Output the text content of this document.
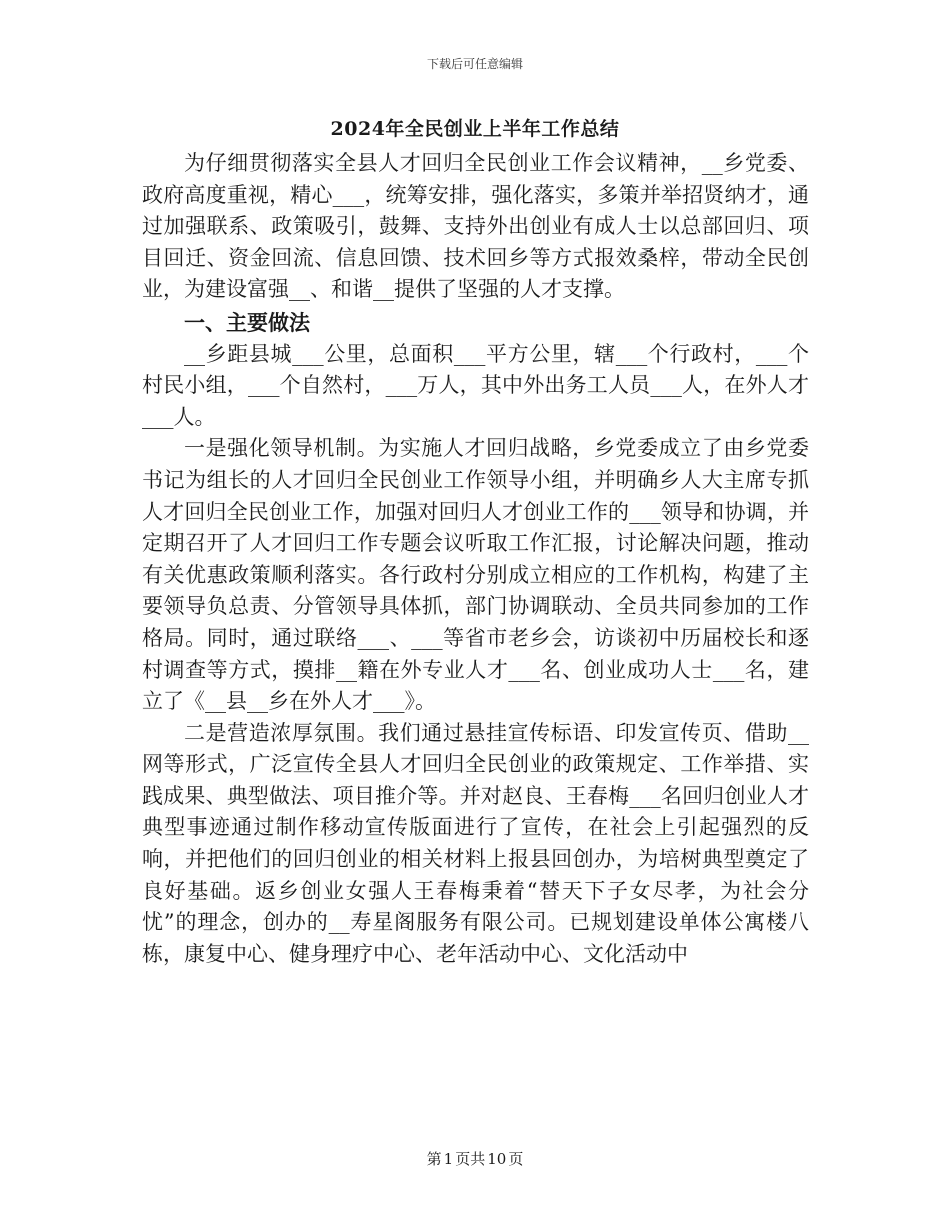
下载后可任意编辑
2024年全民创业上半年工作总结

为仔细贯彻落实全县人才回归全民创业工作会议精神，__乡党委、政府高度重视，精心___，统筹安排，强化落实，多策并举招贤纳才，通过加强联系、政策吸引，鼓舞、支持外出创业有成人士以总部回归、项目回迁、资金回流、信息回馈、技术回乡等方式报效桑梓，带动全民创业，为建设富强__、和谐__提供了坚强的人才支撑。

一、主要做法

__乡距县城___公里，总面积___平方公里，辖___个行政村，___个村民小组，___个自然村，___万人，其中外出务工人员___人，在外人才___人。

一是强化领导机制。为实施人才回归战略，乡党委成立了由乡党委书记为组长的人才回归全民创业工作领导小组，并明确乡人大主席专抓人才回归全民创业工作，加强对回归人才创业工作的___领导和协调，并定期召开了人才回归工作专题会议听取工作汇报，讨论解决问题，推动有关优惠政策顺利落实。各行政村分别成立相应的工作机构，构建了主要领导负总责、分管领导具体抓，部门协调联动、全员共同参加的工作格局。同时，通过联络___、___等省市老乡会，访谈初中历届校长和逐村调查等方式，摸排__籍在外专业人才___名、创业成功人士___名，建立了《__县__乡在外人才___》。

二是营造浓厚氛围。我们通过悬挂宣传标语、印发宣传页、借助__网等形式，广泛宣传全县人才回归全民创业的政策规定、工作举措、实践成果、典型做法、项目推介等。并对赵良、王春梅___名回归创业人才典型事迹通过制作移动宣传版面进行了宣传，在社会上引起强烈的反响，并把他们的回归创业的相关材料上报县回创办，为培树典型奠定了良好基础。返乡创业女强人王春梅秉着“替天下子女尽孝，为社会分忧”的理念，创办的__寿星阁服务有限公司。已规划建设单体公寓楼八栋，康复中心、健身理疗中心、老年活动中心、文化活动中

第 1 页共 10 页
